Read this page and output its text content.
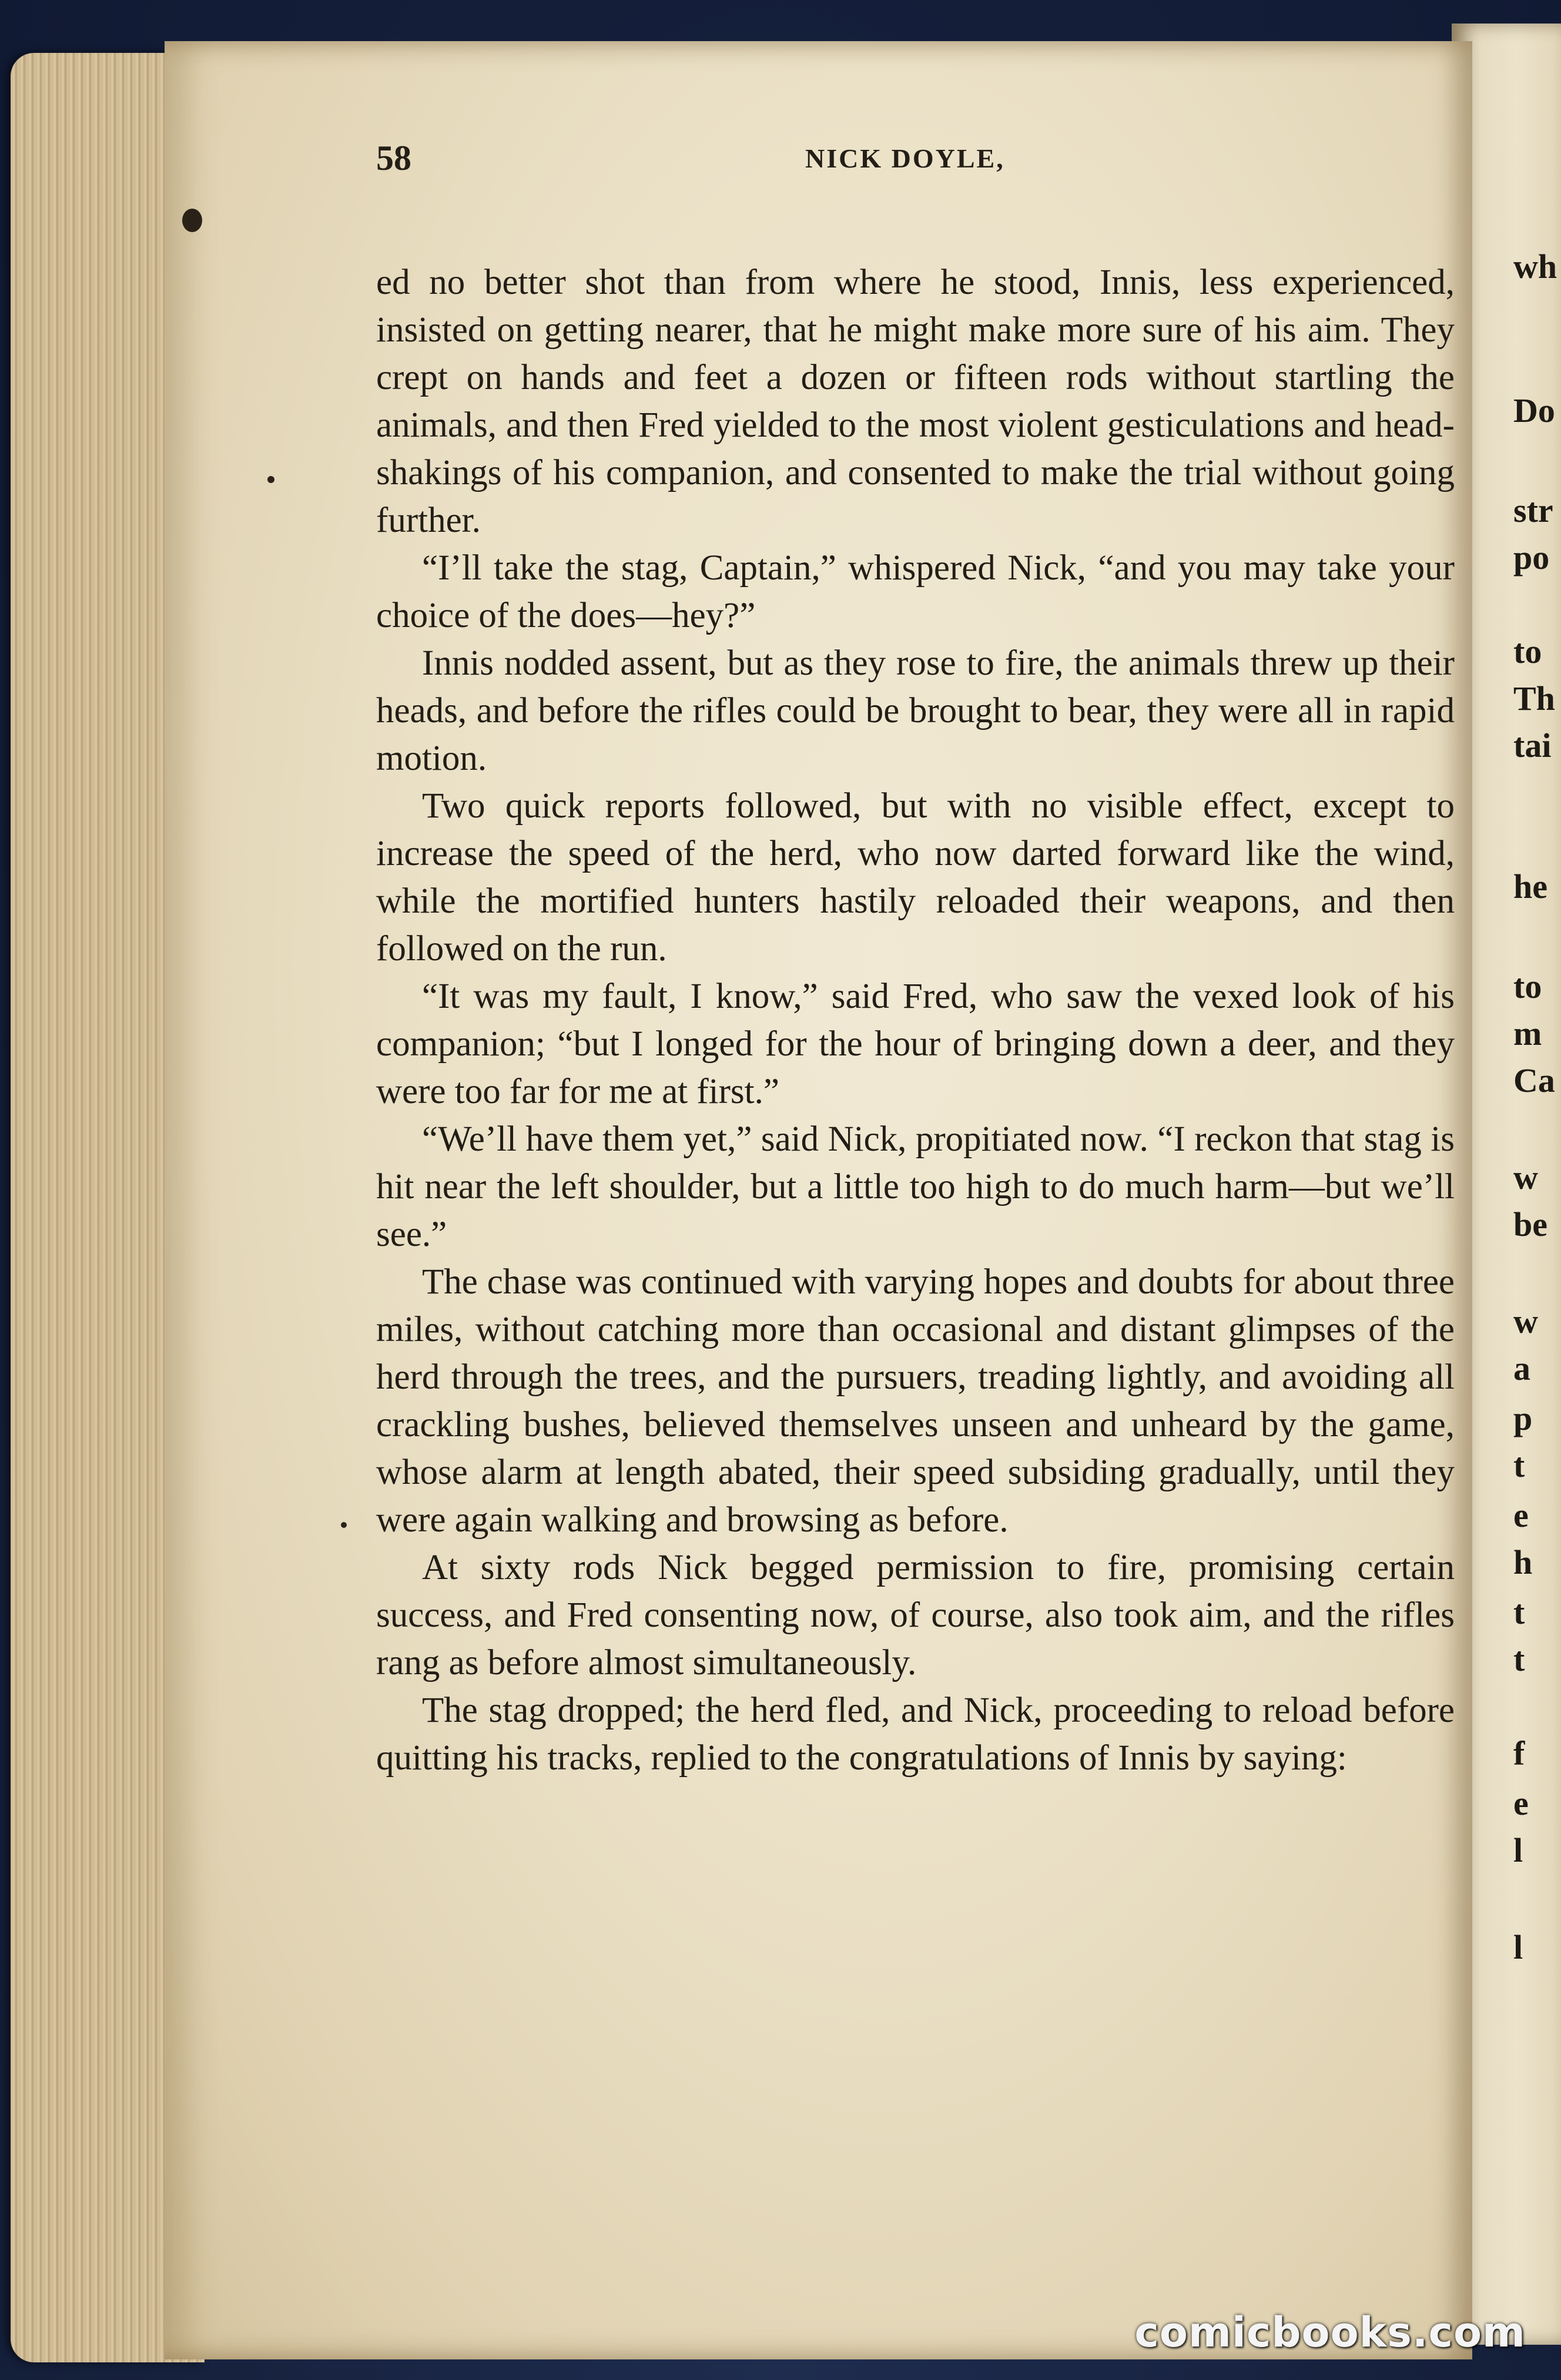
wh
Do
str
po
to
Th
tai
he
to
m
Ca
w
be
w
a
p
t
e
h
t
t
f
e
l
l
58	NICK DOYLE,

ed no better shot than from where he stood, Innis, less experienced, insisted on getting nearer, that he might make more sure of his aim. They crept on hands and feet a dozen or fifteen rods without startling the animals, and then Fred yielded to the most violent gesticulations and head-shakings of his companion, and consented to make the trial without going further.

“I’ll take the stag, Captain,” whispered Nick, “and you may take your choice of the does—hey?”

Innis nodded assent, but as they rose to fire, the animals threw up their heads, and before the rifles could be brought to bear, they were all in rapid motion.

Two quick reports followed, but with no visible effect, except to increase the speed of the herd, who now darted forward like the wind, while the mortified hunters hastily reloaded their weapons, and then followed on the run.

“It was my fault, I know,” said Fred, who saw the vexed look of his companion; “but I longed for the hour of bringing down a deer, and they were too far for me at first.”

“We’ll have them yet,” said Nick, propitiated now. “I reckon that stag is hit near the left shoulder, but a little too high to do much harm—but we’ll see.”

The chase was continued with varying hopes and doubts for about three miles, without catching more than occasional and distant glimpses of the herd through the trees, and the pursuers, treading lightly, and avoiding all crackling bushes, believed themselves unseen and unheard by the game, whose alarm at length abated, their speed subsiding gradually, until they were again walking and browsing as before.

At sixty rods Nick begged permission to fire, promising certain success, and Fred consenting now, of course, also took aim, and the rifles rang as before almost simultaneously.

The stag dropped; the herd fled, and Nick, proceeding to reload before quitting his tracks, replied to the congratulations of Innis by saying:

comicbooks.com
